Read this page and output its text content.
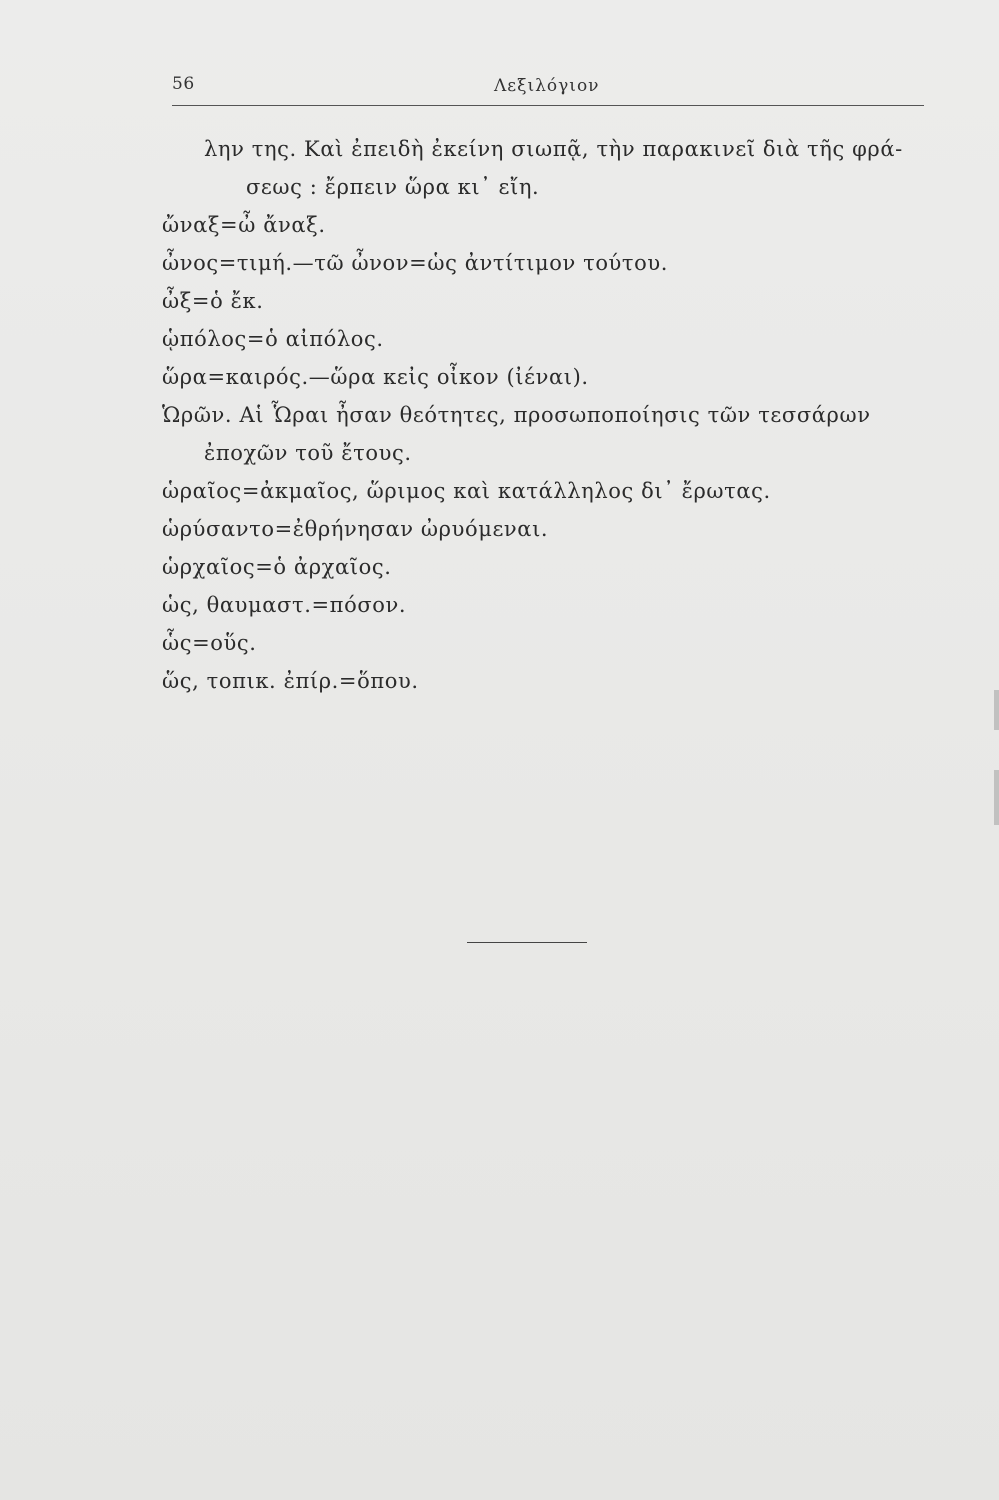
56	Λεξιλόγιον
λην της. Καὶ ἐπειδὴ ἐκείνη σιωπᾷ, τὴν παρακινεῖ διὰ τῆς φρά-
σεως : ἔρπειν ὥρα κι᾽ εἴη.
ὤναξ=ὦ ἄναξ.
ὦνος=τιμή.—τῶ ὦνον=ὡς ἀντίτιμον τούτου.
ὦξ=ὁ ἔκ.
ᾡπόλος=ὁ αἰπόλος.
ὥρα=καιρός.—ὥρα κεἰς οἶκον (ἰέναι).
Ὡρῶν. Αἱ Ὧραι ἦσαν θεότητες, προσωποποίησις τῶν τεσσάρων
ἐποχῶν τοῦ ἔτους.
ὡραῖος=ἀκμαῖος, ὥριμος καὶ κατάλληλος δι᾽ ἔρωτας.
ὡρύσαντο=ἐθρήνησαν ὠρυόμεναι.
ὡρχαῖος=ὁ ἀρχαῖος.
ὡς, θαυμαστ.=πόσον.
ὧς=οὕς.
ὥς, τοπικ. ἐπίρ.=ὅπου.
